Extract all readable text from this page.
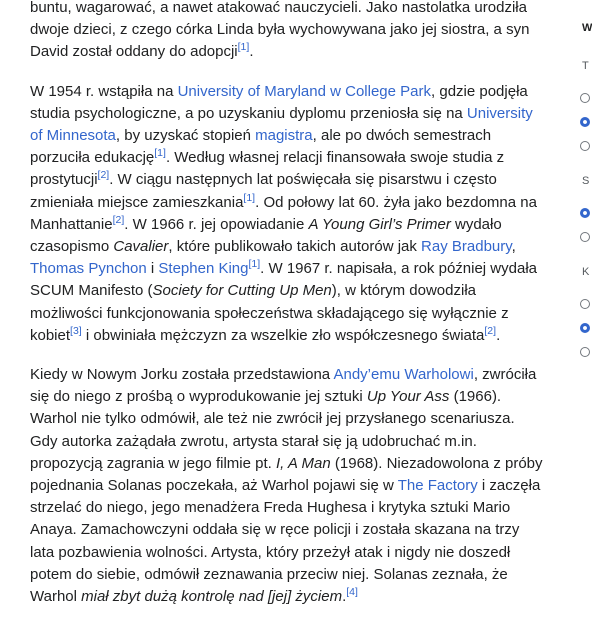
buntu, wagarować, a nawet atakować nauczycieli. Jako nastolatka urodziła dwoje dzieci, z czego córka Linda była wychowywana jako jej siostra, a syn David został oddany do adopcji[1].

W 1954 r. wstąpiła na University of Maryland w College Park, gdzie podjęła studia psychologiczne, a po uzyskaniu dyplomu przeniosła się na University of Minnesota, by uzyskać stopień magistra, ale po dwóch semestrach porzuciła edukację[1]. Według własnej relacji finansowała swoje studia z prostytucji[2]. W ciągu następnych lat poświęcała się pisarstwu i często zmieniała miejsce zamieszkania[1]. Od połowy lat 60. żyła jako bezdomna na Manhattanie[2]. W 1966 r. jej opowiadanie A Young Girl’s Primer wydało czasopismo Cavalier, które publikowało takich autorów jak Ray Bradbury, Thomas Pynchon i Stephen King[1]. W 1967 r. napisała, a rok później wydała SCUM Manifesto (Society for Cutting Up Men), w którym dowodziła możliwości funkcjonowania społeczeństwa składającego się wyłącznie z kobiet[3] i obwiniała mężczyzn za wszelkie zło współczesnego świata[2].

Kiedy w Nowym Jorku została przedstawiona Andy’emu Warholowi, zwróciła się do niego z prośbą o wyprodukowanie jej sztuki Up Your Ass (1966). Warhol nie tylko odmówił, ale też nie zwrócił jej przysłanego scenariusza. Gdy autorka zażądała zwrotu, artysta starał się ją udobruchać m.in. propozycją zagrania w jego filmie pt. I, A Man (1968). Niezadowolona z próby pojednania Solanas poczekała, aż Warhol pojawi się w The Factory i zaczęła strzelać do niego, jego menadżera Freda Hughesa i krytyka sztuki Mario Anaya. Zamachowczyni oddała się w ręce policji i została skazana na trzy lata pozbawienia wolności. Artysta, który przeżył atak i nigdy nie doszedł potem do siebie, odmówił zeznawania przeciw niej. Solanas zeznała, że Warhol miał zbyt dużą kontrolę nad [jej] życiem.[4]

W
T
S
K
